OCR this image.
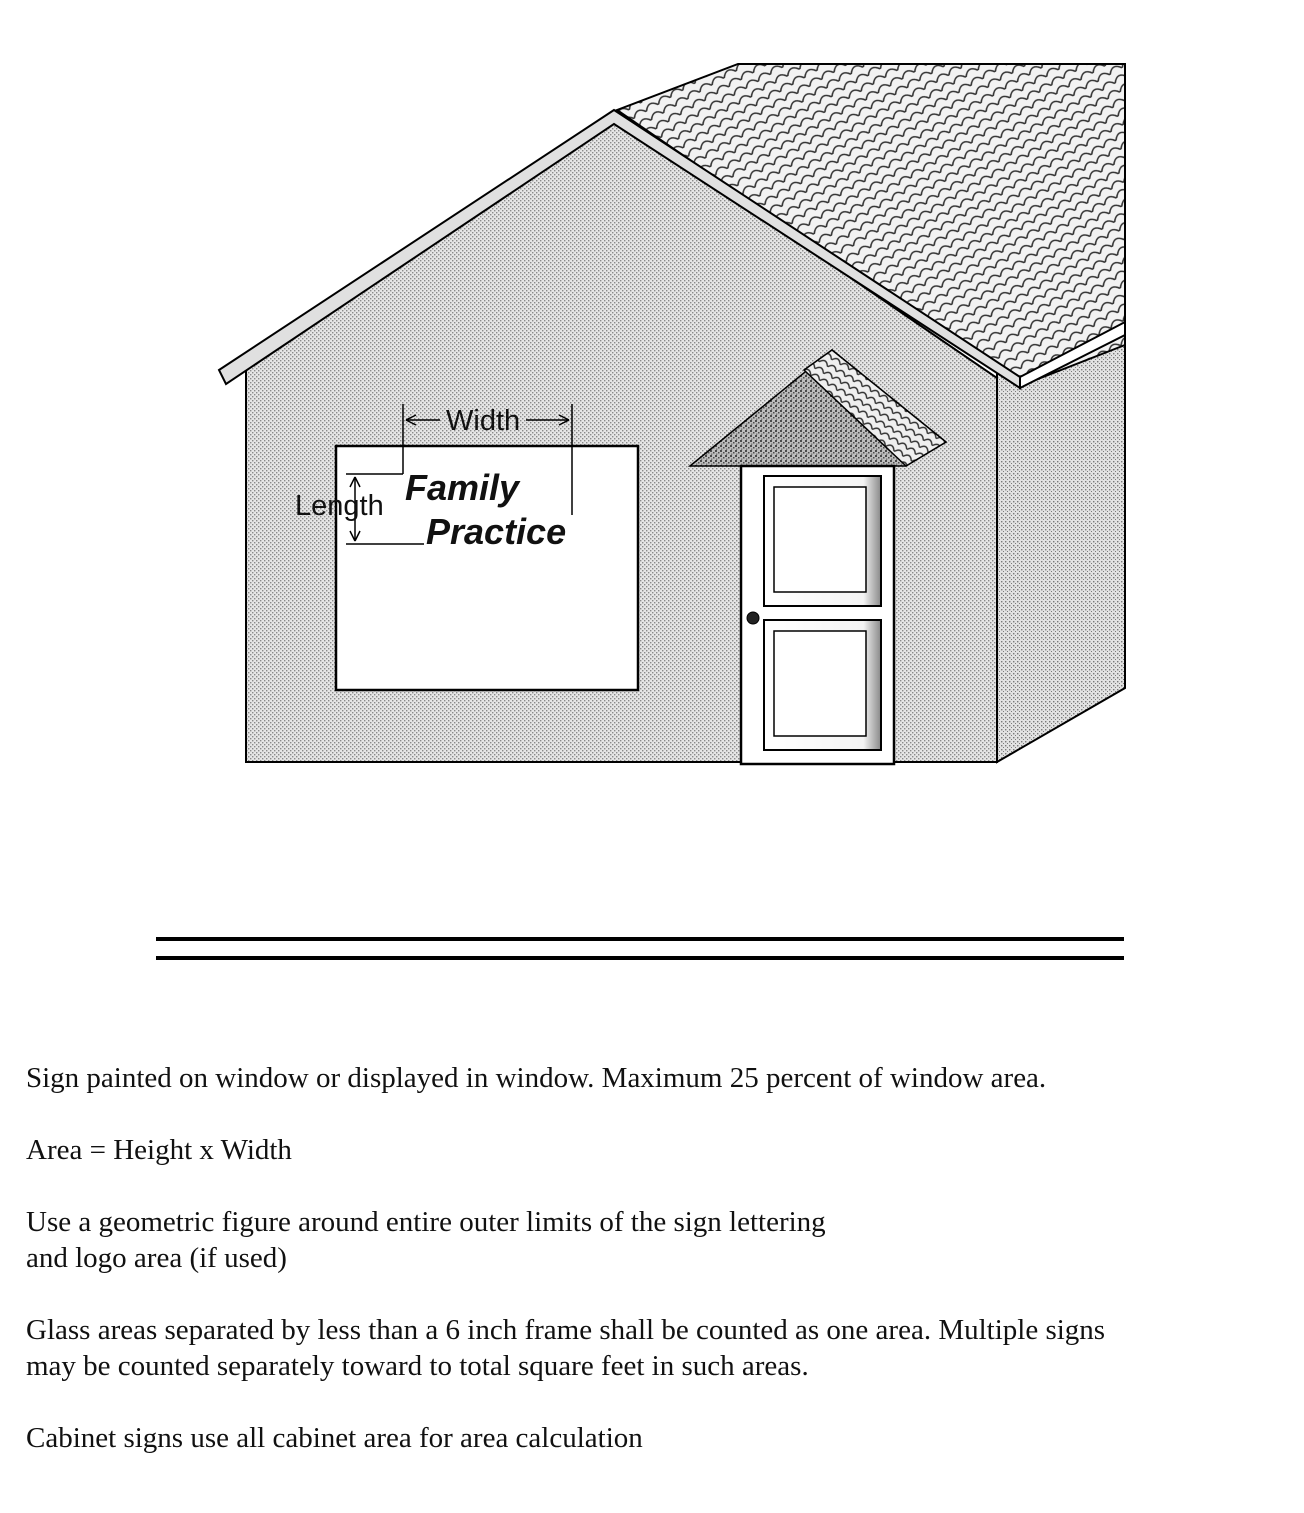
Width
Length Family
Practice

Sign painted on window or displayed in window. Maximum 25 percent of window area.

Area = Height x Width

Use a geometric figure around entire outer limits of the sign lettering
and logo area (if used)

Glass areas separated by less than a 6 inch frame shall be counted as one area. Multiple signs
may be counted separately toward to total square feet in such areas.

Cabinet signs use all cabinet area for area calculation
